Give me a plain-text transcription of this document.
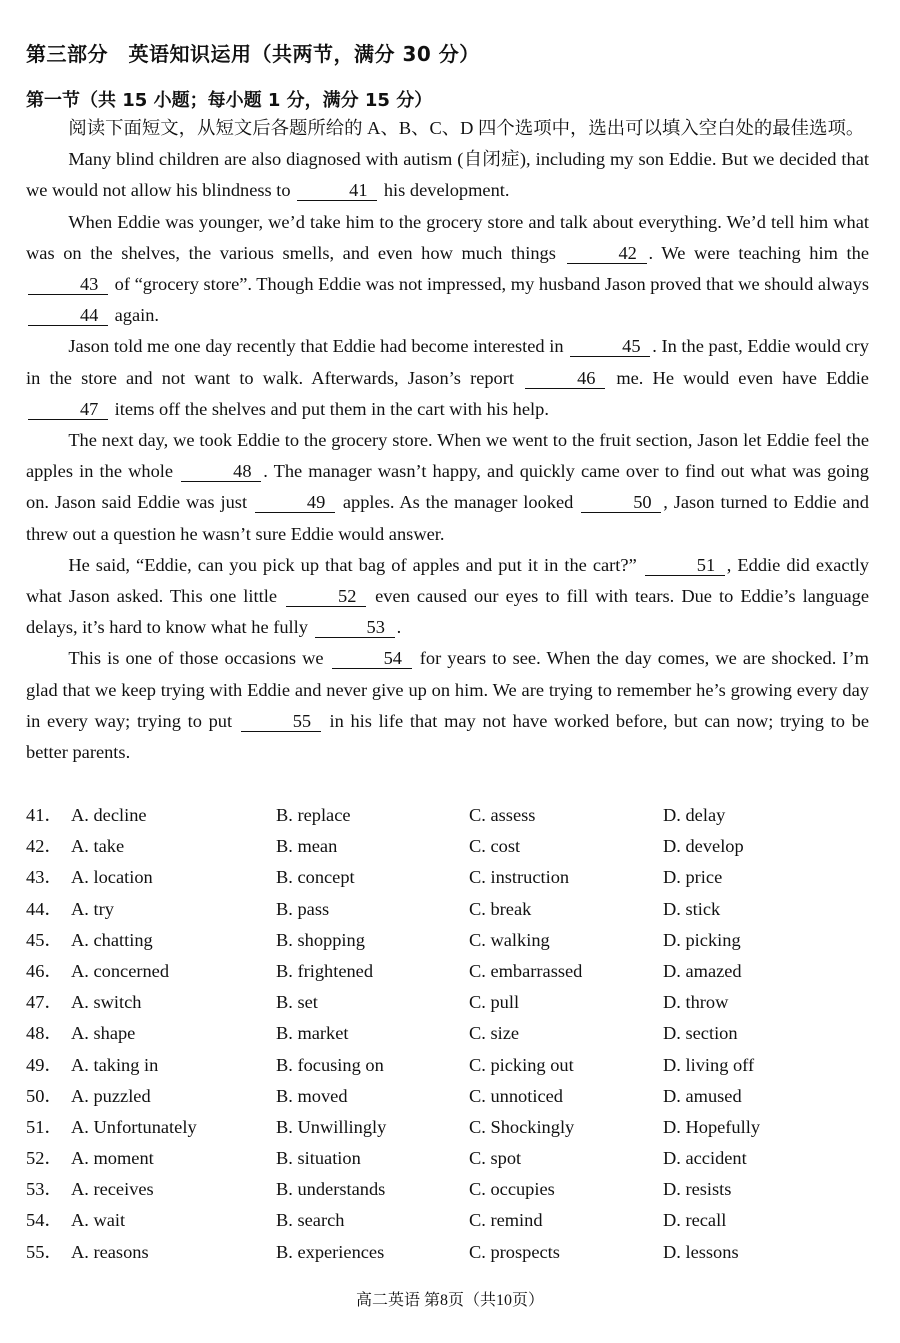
第三部分　英语知识运用（共两节，满分 30 分）
第一节（共 15 小题；每小题 1 分，满分 15 分）

阅读下面短文，从短文后各题所给的 A、B、C、D 四个选项中，选出可以填入空白处的最佳选项。

Many blind children are also diagnosed with autism (自闭症), including my son Eddie. But we decided that we would not allow his blindness to	41 his development.

When Eddie was younger, we’d take him to the grocery store and talk about everything. We’d tell him what was on the shelves, the various smells, and even how much things	42 . We were teaching him the 43 of “grocery store”. Though Eddie was not impressed, my husband Jason proved that we should always 44 again.

Jason told me one day recently that Eddie had become interested in	45 . In the past, Eddie would cry in the store and not want to walk. Afterwards, Jason’s report	46 me. He would even have Eddie 47 items off the shelves and put them in the cart with his help.

The next day, we took Eddie to the grocery store. When we went to the fruit section, Jason let Eddie feel the apples in the whole	48 . The manager wasn’t happy, and quickly came over to find out what was going on. Jason said Eddie was just	49 apples. As the manager looked	50 , Jason turned to Eddie and threw out a question he wasn’t sure Eddie would answer.

He said, “Eddie, can you pick up that bag of apples and put it in the cart?”	51 , Eddie did exactly what Jason asked. This one little	52 even caused our eyes to fill with tears. Due to Eddie’s language delays, it’s hard to know what he fully	53 .

This is one of those occasions we	54 for years to see. When the day comes, we are shocked. I’m glad that we keep trying with Eddie and never give up on him. We are trying to remember he’s growing every day in every way; trying to put	55 in his life that may not have worked before, but can now; trying to be better parents.

41． A. decline	B. replace	C. assess	D. delay
42． A. take	B. mean	C. cost	D. develop
43． A. location	B. concept	C. instruction	D. price
44． A. try	B. pass	C. break	D. stick
45． A. chatting	B. shopping	C. walking	D. picking
46． A. concerned	B. frightened	C. embarrassed	D. amazed
47． A. switch	B. set	C. pull	D. throw
48． A. shape	B. market	C. size	D. section
49． A. taking in	B. focusing on	C. picking out	D. living off
50． A. puzzled	B. moved	C. unnoticed	D. amused
51． A. Unfortunately	B. Unwillingly	C. Shockingly	D. Hopefully
52． A. moment	B. situation	C. spot	D. accident
53． A. receives	B. understands	C. occupies	D. resists
54． A. wait	B. search	C. remind	D. recall
55． A. reasons	B. experiences	C. prospects	D. lessons
高二英语 第8页（共10页）
